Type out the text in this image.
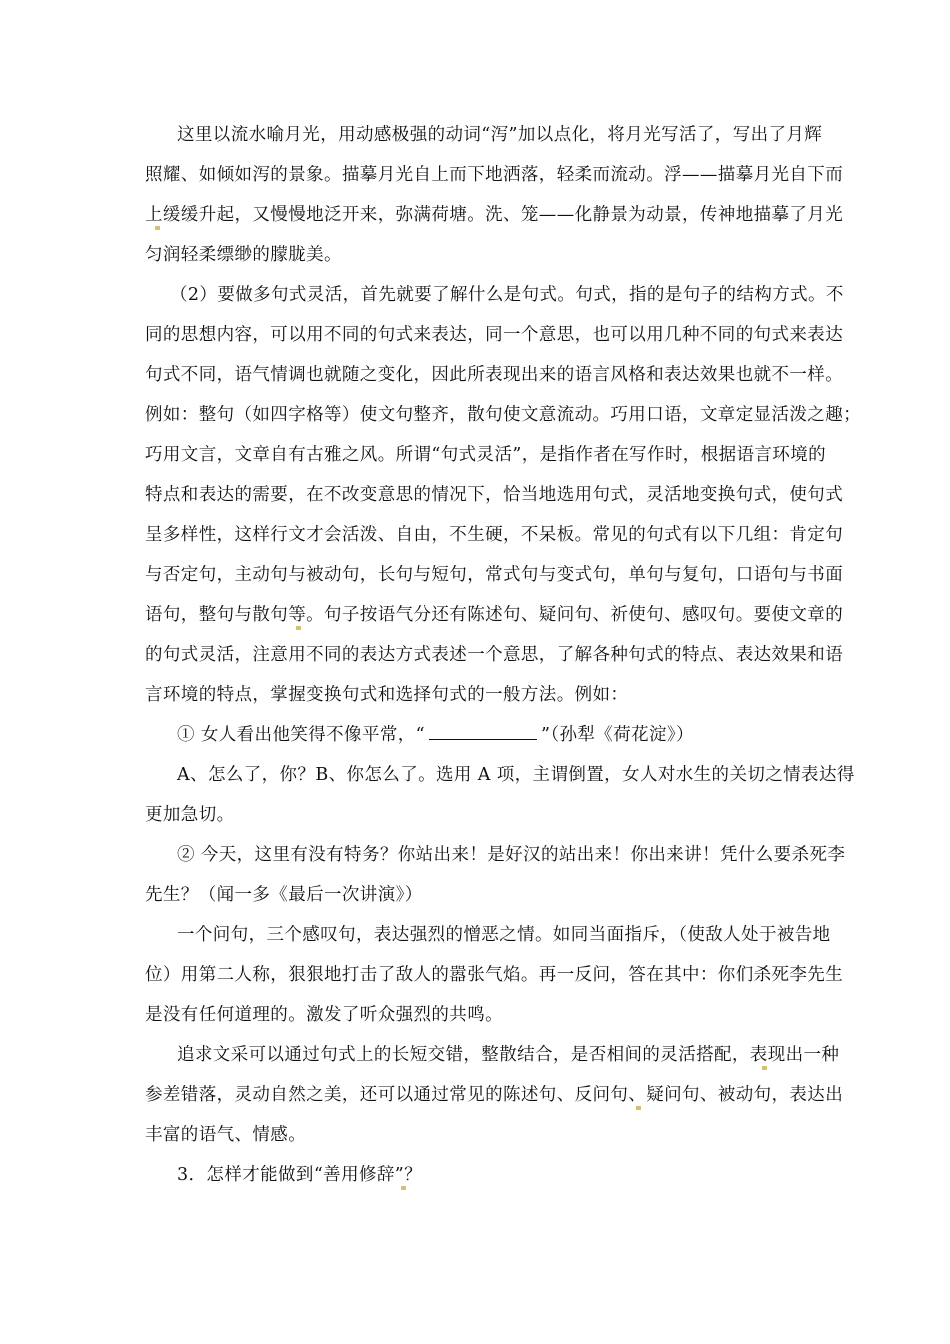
这里以流水喻月光，用动感极强的动词“泻”加以点化，将月光写活了，写出了月辉
照耀、如倾如泻的景象。描摹月光自上而下地洒落，轻柔而流动。浮——描摹月光自下而
上缓缓升起，又慢慢地泛开来，弥满荷塘。洗、笼——化静景为动景，传神地描摹了月光
匀润轻柔缥缈的朦胧美。
（2）要做多句式灵活，首先就要了解什么是句式。句式，指的是句子的结构方式。不
同的思想内容，可以用不同的句式来表达，同一个意思，也可以用几种不同的句式来表达
句式不同，语气情调也就随之变化，因此所表现出来的语言风格和表达效果也就不一样。
例如：整句（如四字格等）使文句整齐，散句使文意流动。巧用口语，文章定显活泼之趣；
巧用文言，文章自有古雅之风。所谓“句式灵活”，是指作者在写作时，根据语言环境的
特点和表达的需要，在不改变意思的情况下，恰当地选用句式，灵活地变换句式，使句式
呈多样性，这样行文才会活泼、自由，不生硬，不呆板。常见的句式有以下几组：肯定句
与否定句，主动句与被动句，长句与短句，常式句与变式句，单句与复句，口语句与书面
语句，整句与散句等。句子按语气分还有陈述句、疑问句、祈使句、感叹句。要使文章的
的句式灵活，注意用不同的表达方式表述一个意思，了解各种句式的特点、表达效果和语
言环境的特点，掌握变换句式和选择句式的一般方法。例如：
① 女人看出他笑得不像平常，“	”（孙犁《荷花淀》）
A、怎么了，你？B、你怎么了。选用 A 项，主谓倒置，女人对水生的关切之情表达得
更加急切。
② 今天，这里有没有特务？你站出来！是好汉的站出来！你出来讲！凭什么要杀死李
先生？（闻一多《最后一次讲演》）
一个问句，三个感叹句，表达强烈的憎恶之情。如同当面指斥，（使敌人处于被告地
位）用第二人称，狠狠地打击了敌人的嚣张气焰。再一反问，答在其中：你们杀死李先生
是没有任何道理的。激发了听众强烈的共鸣。
追求文采可以通过句式上的长短交错，整散结合，是否相间的灵活搭配，表现出一种
参差错落，灵动自然之美，还可以通过常见的陈述句、反问句、疑问句、被动句，表达出
丰富的语气、情感。
3．怎样才能做到“善用修辞”？
